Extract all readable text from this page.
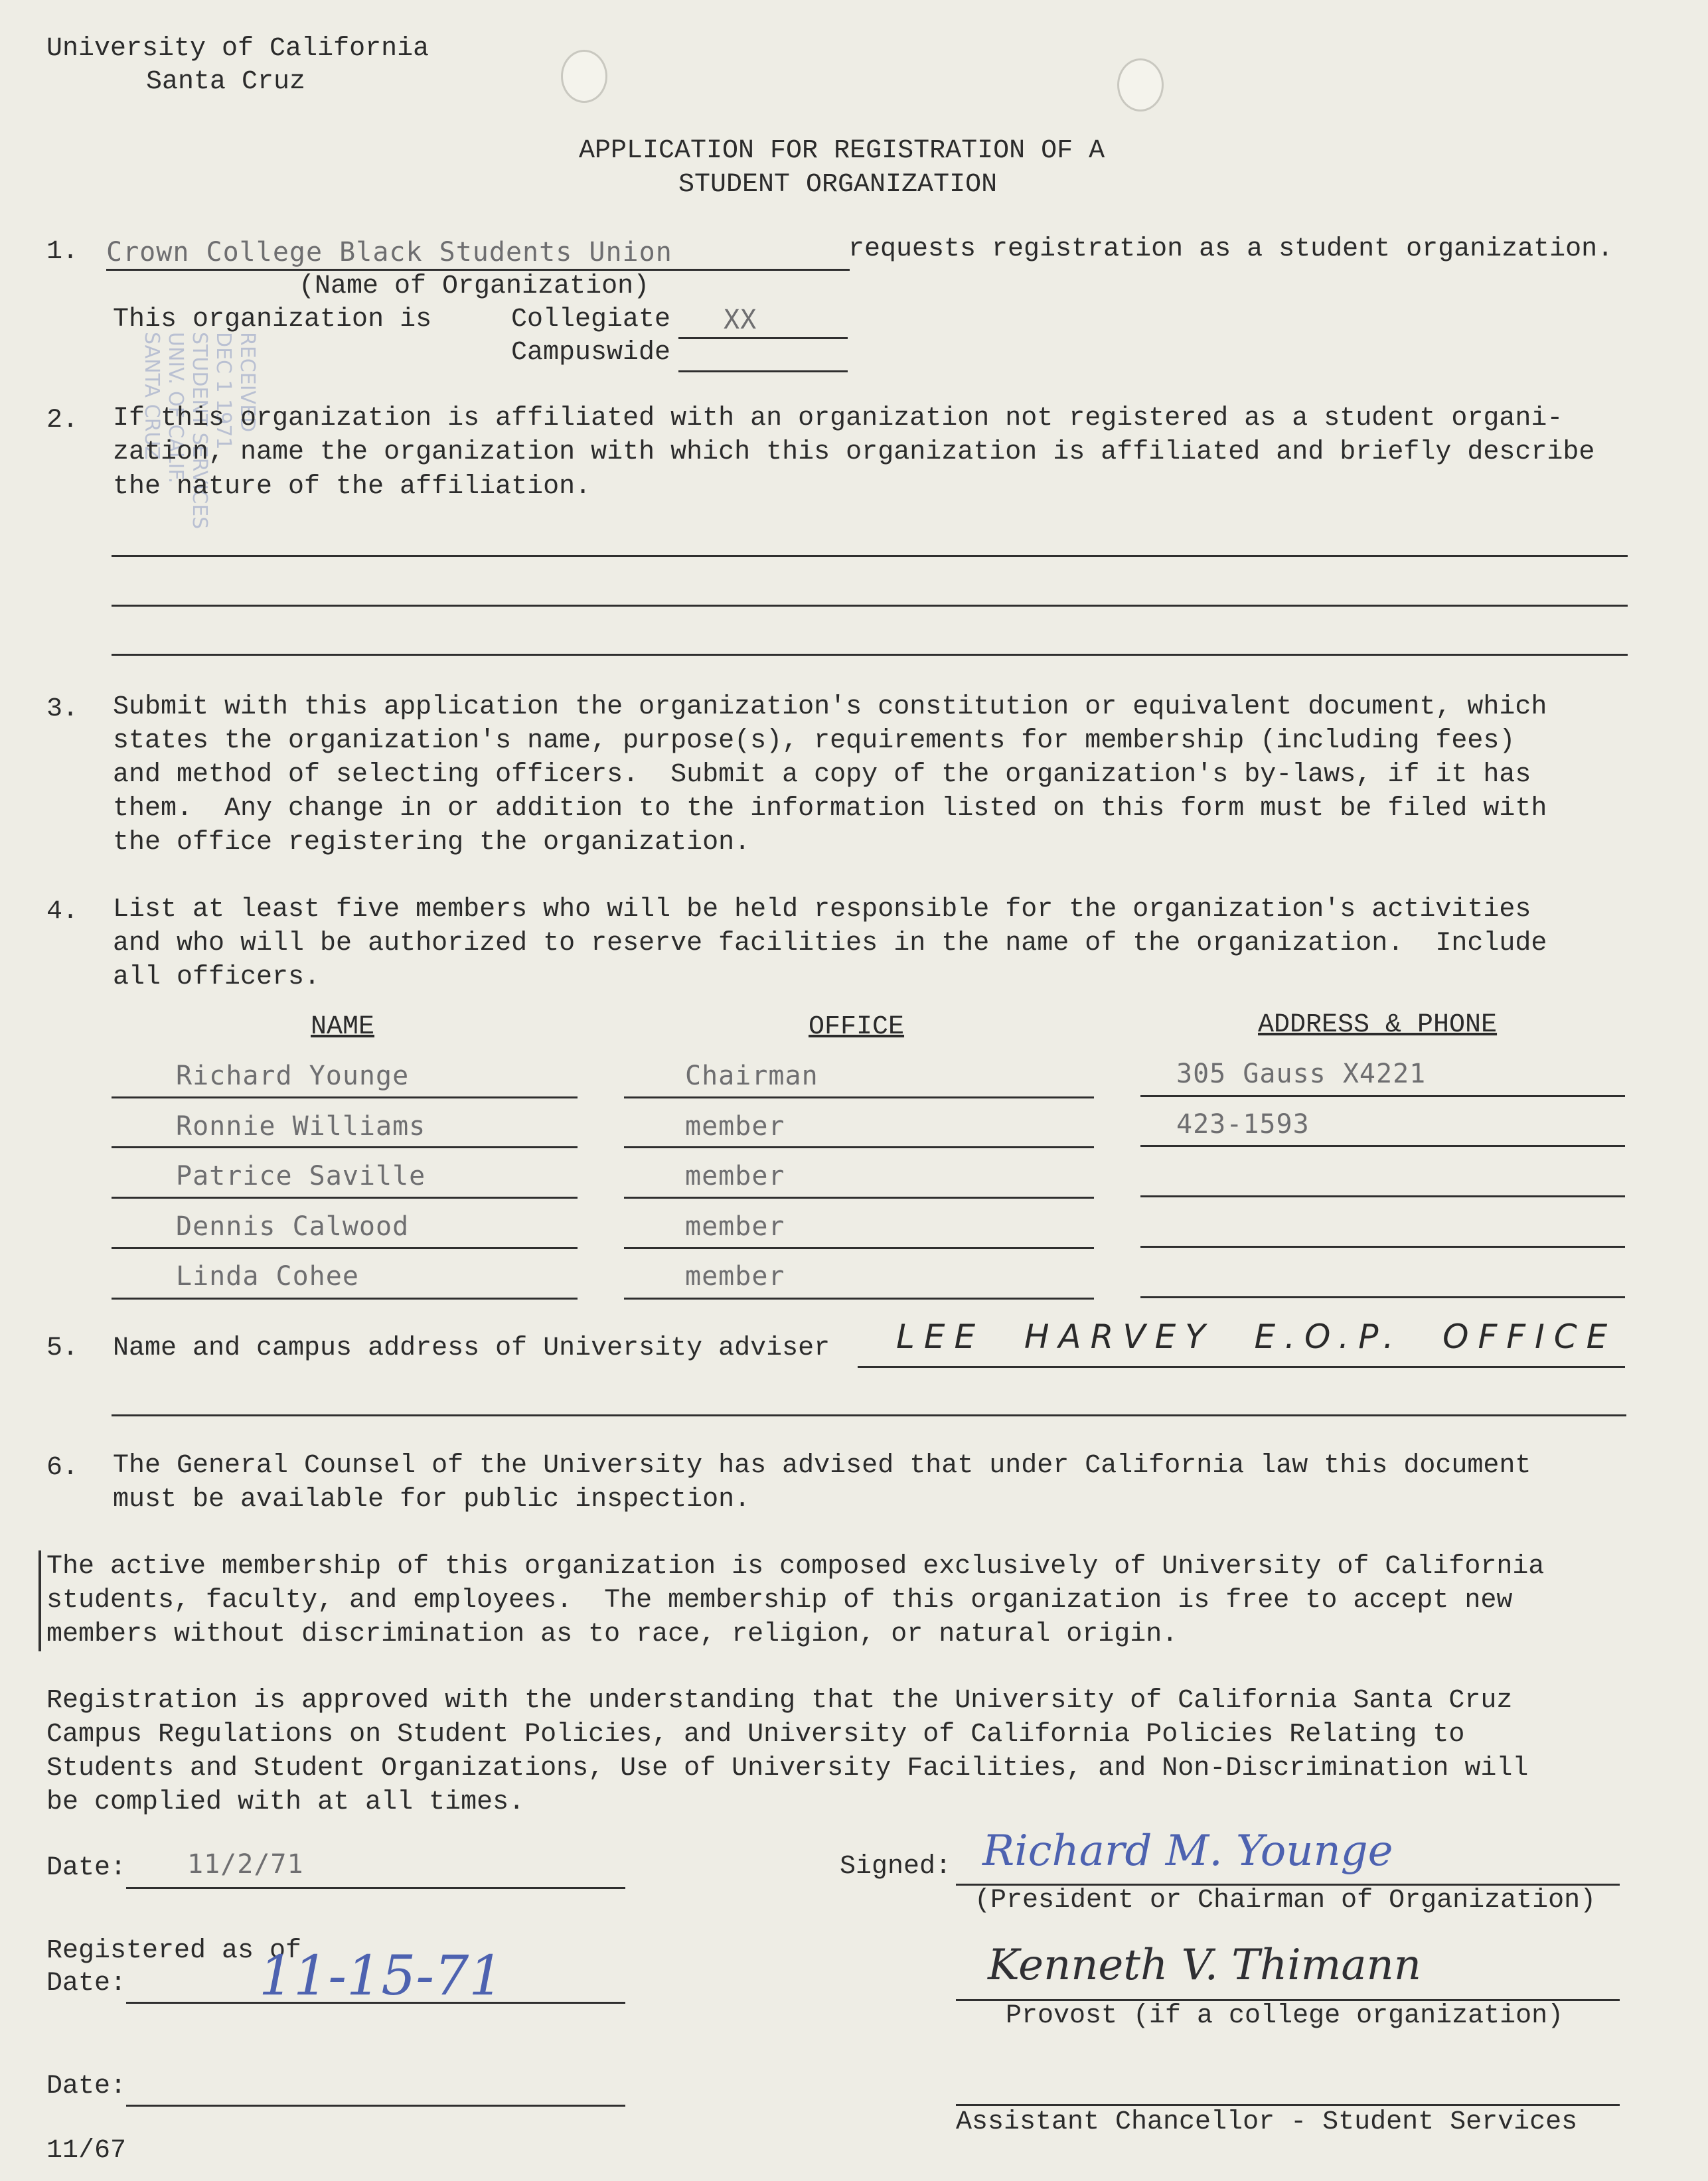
RECEIVED
DEC 1 1971
STUDENT SERVICES
UNIV. OF CALIF.
SANTA CRUZ
University of California
Santa Cruz
APPLICATION FOR REGISTRATION OF A
STUDENT ORGANIZATION
1. Crown College Black Students Union	requests registration as a student organization.
(Name of Organization)
This organization is	Collegiate XX
Campuswide
2. If this organization is affiliated with an organization not registered as a student organi-
zation, name the organization with which this organization is affiliated and briefly describe
the nature of the affiliation.
3. Submit with this application the organization's constitution or equivalent document, which
states the organization's name, purpose(s), requirements for membership (including fees)
and method of selecting officers.  Submit a copy of the organization's by-laws, if it has
them.  Any change in or addition to the information listed on this form must be filed with
the office registering the organization.
4. List at least five members who will be held responsible for the organization's activities
and who will be authorized to reserve facilities in the name of the organization.  Include
all officers.
NAME	OFFICE	ADDRESS & PHONE
Richard Younge	Chairman	305 Gauss X4221
Ronnie Williams	member	423-1593
Patrice Saville	member
Dennis Calwood	member
Linda Cohee	member
5. Name and campus address of University adviser LEE  HARVEY  E.O.P.  OFFICE
6. The General Counsel of the University has advised that under California law this document
must be available for public inspection.
The active membership of this organization is composed exclusively of University of California
students, faculty, and employees.  The membership of this organization is free to accept new
members without discrimination as to race, religion, or natural origin.
Registration is approved with the understanding that the University of California Santa Cruz
Campus Regulations on Student Policies, and University of California Policies Relating to
Students and Student Organizations, Use of University Facilities, and Non-Discrimination will
be complied with at all times.
Date: 11/2/71	Signed: Richard M. Younge
(President or Chairman of Organization)
Registered as of
Date: 11-15-71	Kenneth V. Thimann
Provost (if a college organization)
Date:
Assistant Chancellor - Student Services
11/67
